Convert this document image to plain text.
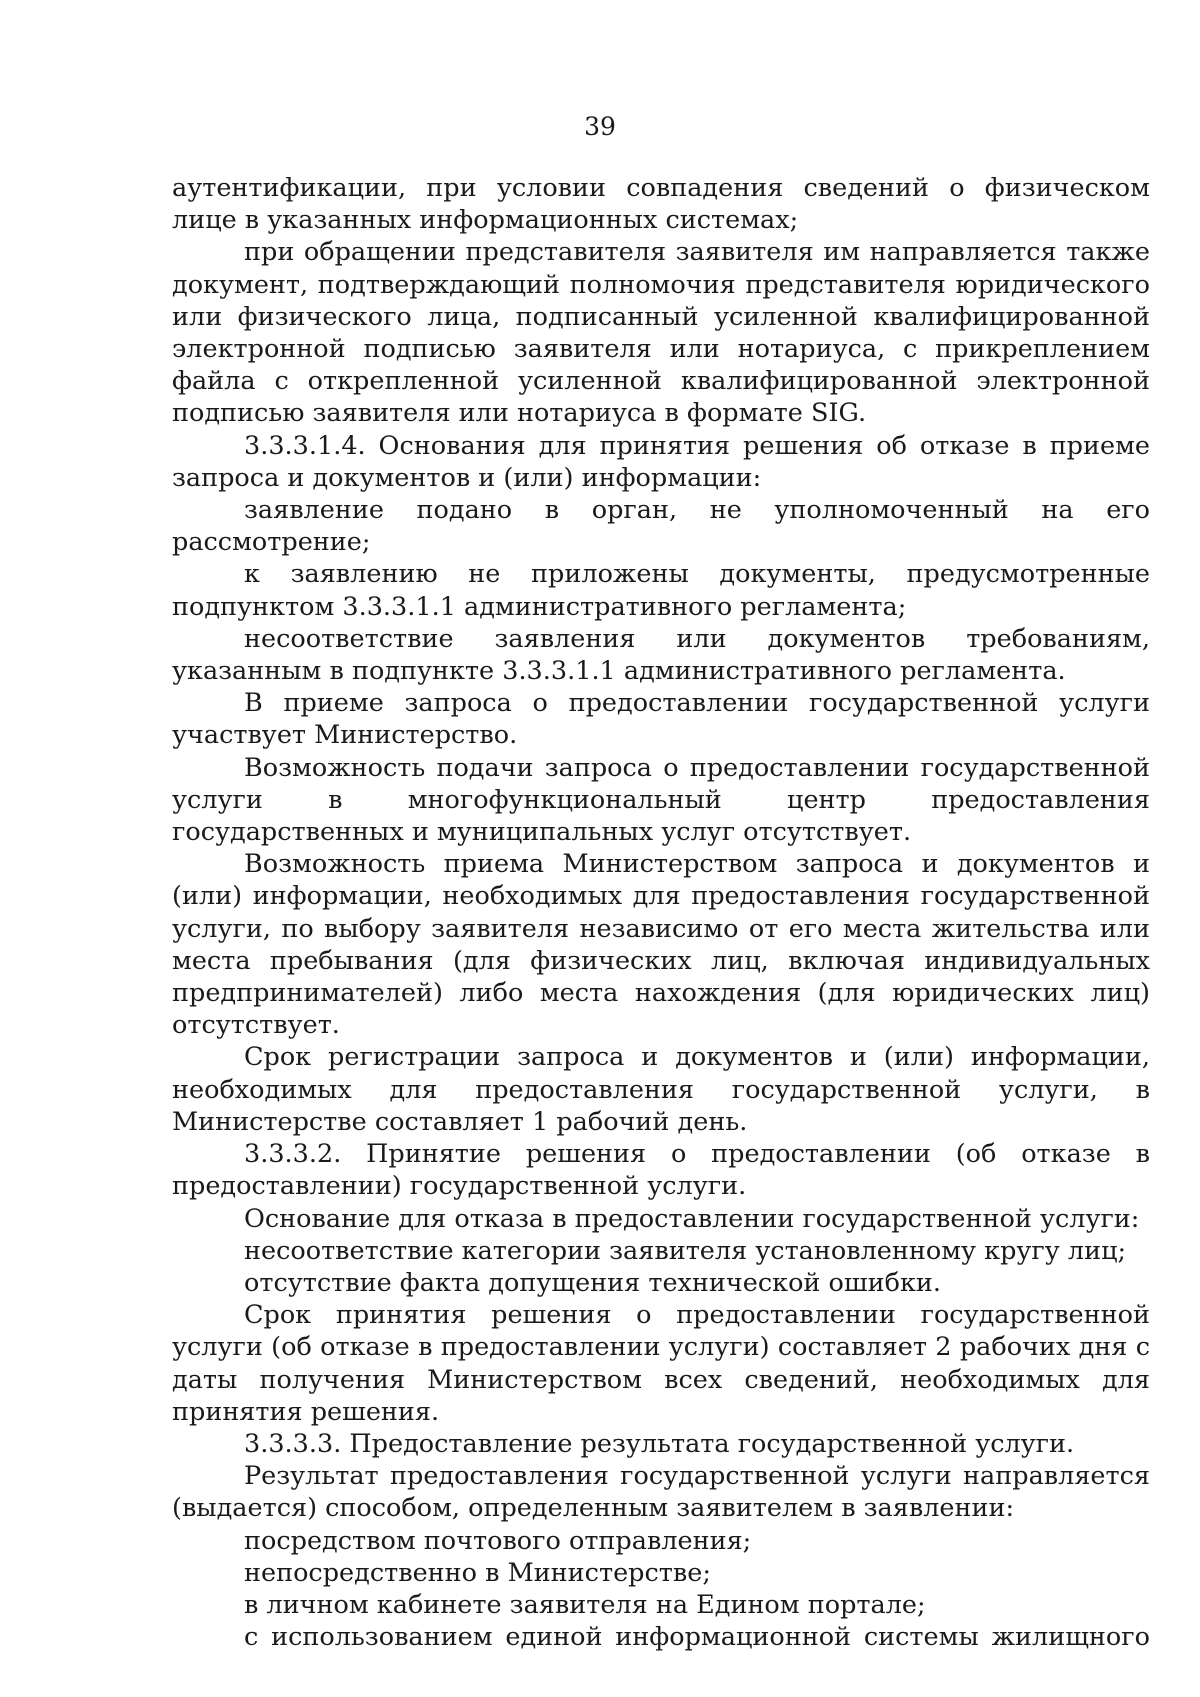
39

аутентификации, при условии совпадения сведений о физическом лице в указанных информационных системах;

при обращении представителя заявителя им направляется также документ, подтверждающий полномочия представителя юридического или физического лица, подписанный усиленной квалифицированной электронной подписью заявителя или нотариуса, с прикреплением файла с открепленной усиленной квалифицированной электронной подписью заявителя или нотариуса в формате SIG.

3.3.3.1.4. Основания для принятия решения об отказе в приеме запроса и документов и (или) информации:

заявление подано в орган, не уполномоченный на его рассмотрение;

к заявлению не приложены документы, предусмотренные подпунктом 3.3.3.1.1 административного регламента;

несоответствие заявления или документов требованиям, указанным в подпункте 3.3.3.1.1 административного регламента.

В приеме запроса о предоставлении государственной услуги участвует Министерство.

Возможность подачи запроса о предоставлении государственной услуги в многофункциональный центр предоставления государственных и муниципальных услуг отсутствует.

Возможность приема Министерством запроса и документов и (или) информации, необходимых для предоставления государственной услуги, по выбору заявителя независимо от его места жительства или места пребывания (для физических лиц, включая индивидуальных предпринимателей) либо места нахождения (для юридических лиц) отсутствует.

Срок регистрации запроса и документов и (или) информации, необходимых для предоставления государственной услуги, в Министерстве составляет 1 рабочий день.

3.3.3.2. Принятие решения о предоставлении (об отказе в предоставлении) государственной услуги.

Основание для отказа в предоставлении государственной услуги:

несоответствие категории заявителя установленному кругу лиц;

отсутствие факта допущения технической ошибки.

Срок принятия решения о предоставлении государственной услуги (об отказе в предоставлении услуги) составляет 2 рабочих дня с даты получения Министерством всех сведений, необходимых для принятия решения.

3.3.3.3. Предоставление результата государственной услуги.

Результат предоставления государственной услуги направляется (выдается) способом, определенным заявителем в заявлении:

посредством почтового отправления;

непосредственно в Министерстве;

в личном кабинете заявителя на Едином портале;

с использованием единой информационной системы жилищного
